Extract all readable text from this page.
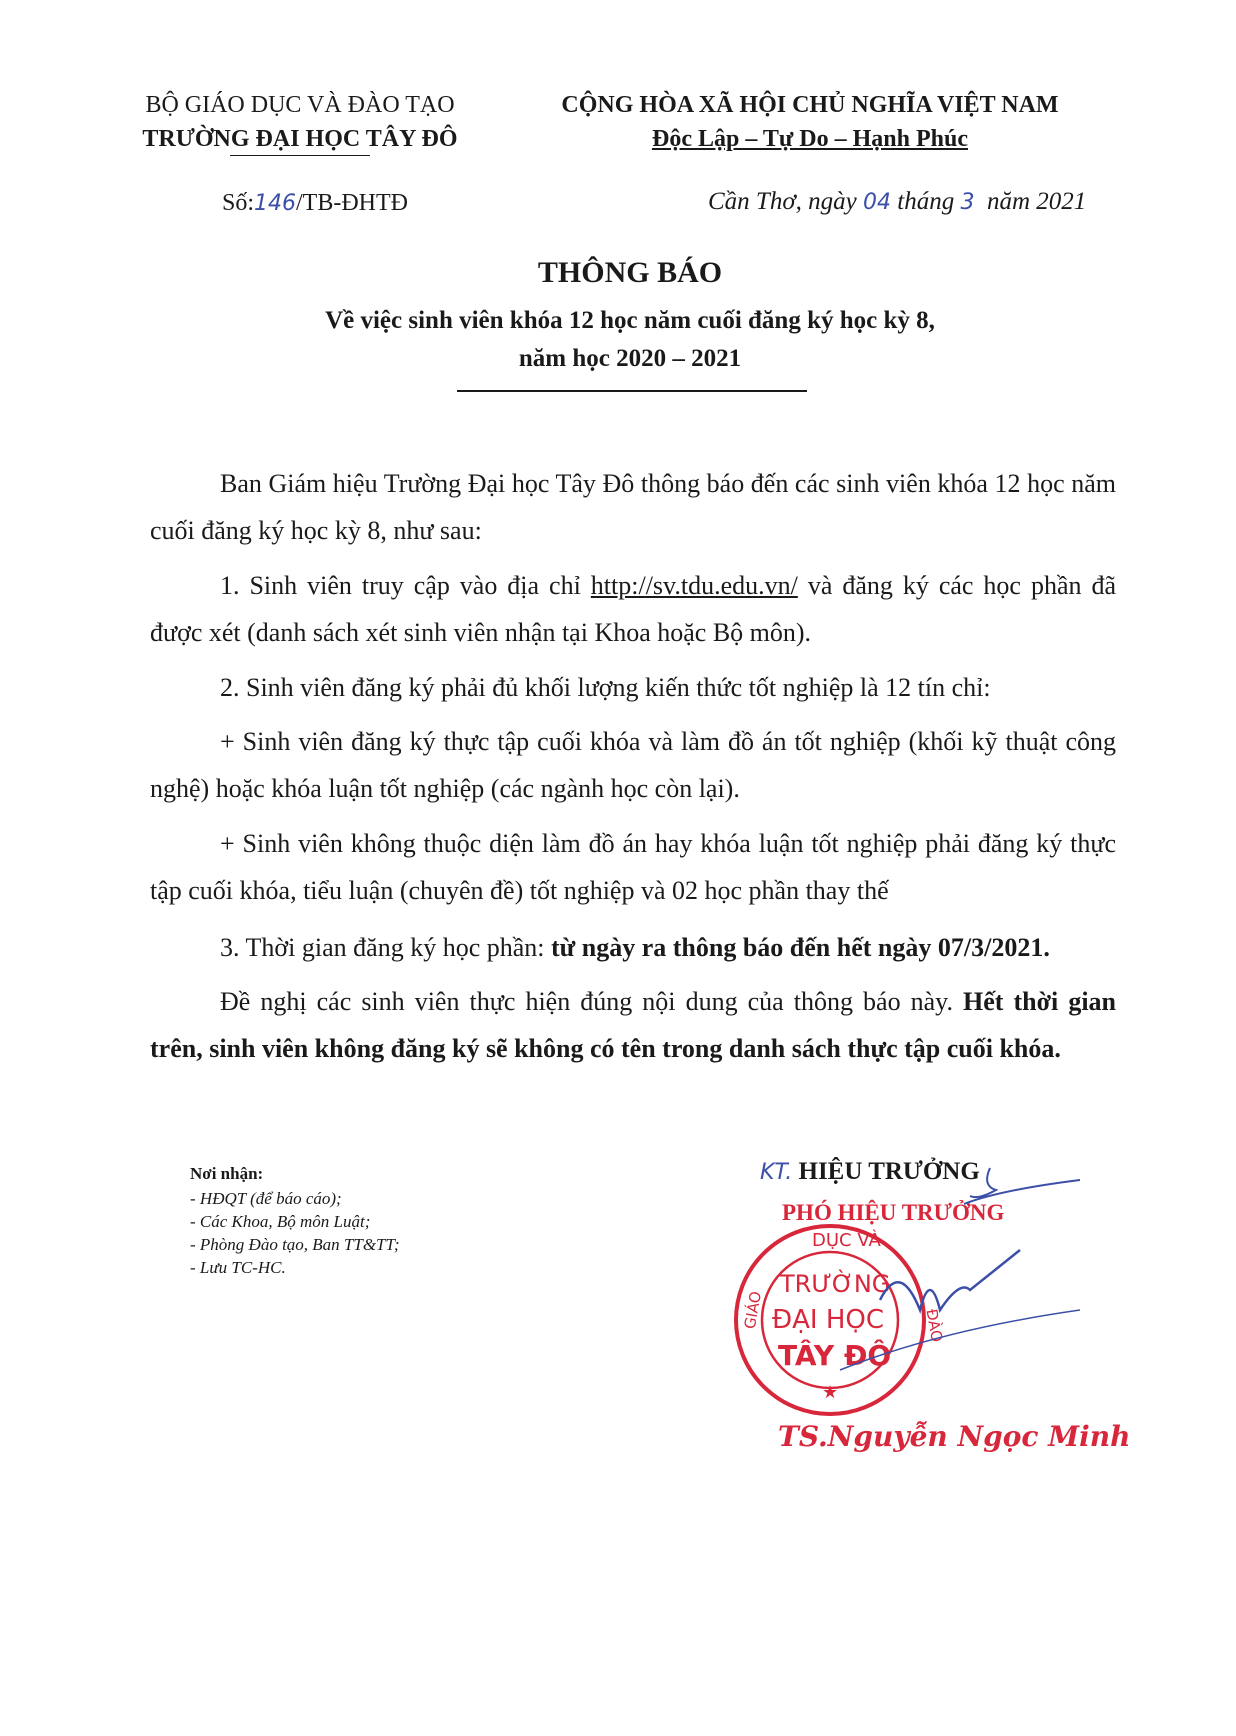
BỘ GIÁO DỤC VÀ ĐÀO TẠO
TRƯỜNG ĐẠI HỌC TÂY ĐÔ
CỘNG HÒA XÃ HỘI CHỦ NGHĨA VIỆT NAM
Độc Lập – Tự Do – Hạnh Phúc
Số:146/TB-ĐHTĐ	Cần Thơ, ngày 04 tháng 3  năm 2021
THÔNG BÁO
Về việc sinh viên khóa 12 học năm cuối đăng ký học kỳ 8,
năm học 2020 – 2021
Ban Giám hiệu Trường Đại học Tây Đô thông báo đến các sinh viên khóa 12 học năm cuối đăng ký học kỳ 8, như sau:
1. Sinh viên truy cập vào địa chỉ http://sv.tdu.edu.vn/ và đăng ký các học phần đã được xét (danh sách xét sinh viên nhận tại Khoa hoặc Bộ môn).
2. Sinh viên đăng ký phải đủ khối lượng kiến thức tốt nghiệp là 12 tín chỉ:
+ Sinh viên đăng ký thực tập cuối khóa và làm đồ án tốt nghiệp (khối kỹ thuật công nghệ) hoặc khóa luận tốt nghiệp (các ngành học còn lại).
+ Sinh viên không thuộc diện làm đồ án hay khóa luận tốt nghiệp phải đăng ký thực tập cuối khóa, tiểu luận (chuyên đề) tốt nghiệp và 02 học phần thay thế
3. Thời gian đăng ký học phần: từ ngày ra thông báo đến hết ngày 07/3/2021.
Đề nghị các sinh viên thực hiện đúng nội dung của thông báo này. Hết thời gian trên, sinh viên không đăng ký sẽ không có tên trong danh sách thực tập cuối khóa.
Nơi nhận:
- HĐQT (để báo cáo);
- Các Khoa, Bộ môn Luật;
- Phòng Đào tạo, Ban TT&TT;
- Lưu TC-HC.
KT. HIỆU TRƯỞNG
PHÓ HIỆU TRƯỞNG
DỤC VÀ
GIÁO	ĐÀO
TRƯỜNG
ĐẠI HỌC
TÂY ĐÔ
★
TS.Nguyễn Ngọc Minh
